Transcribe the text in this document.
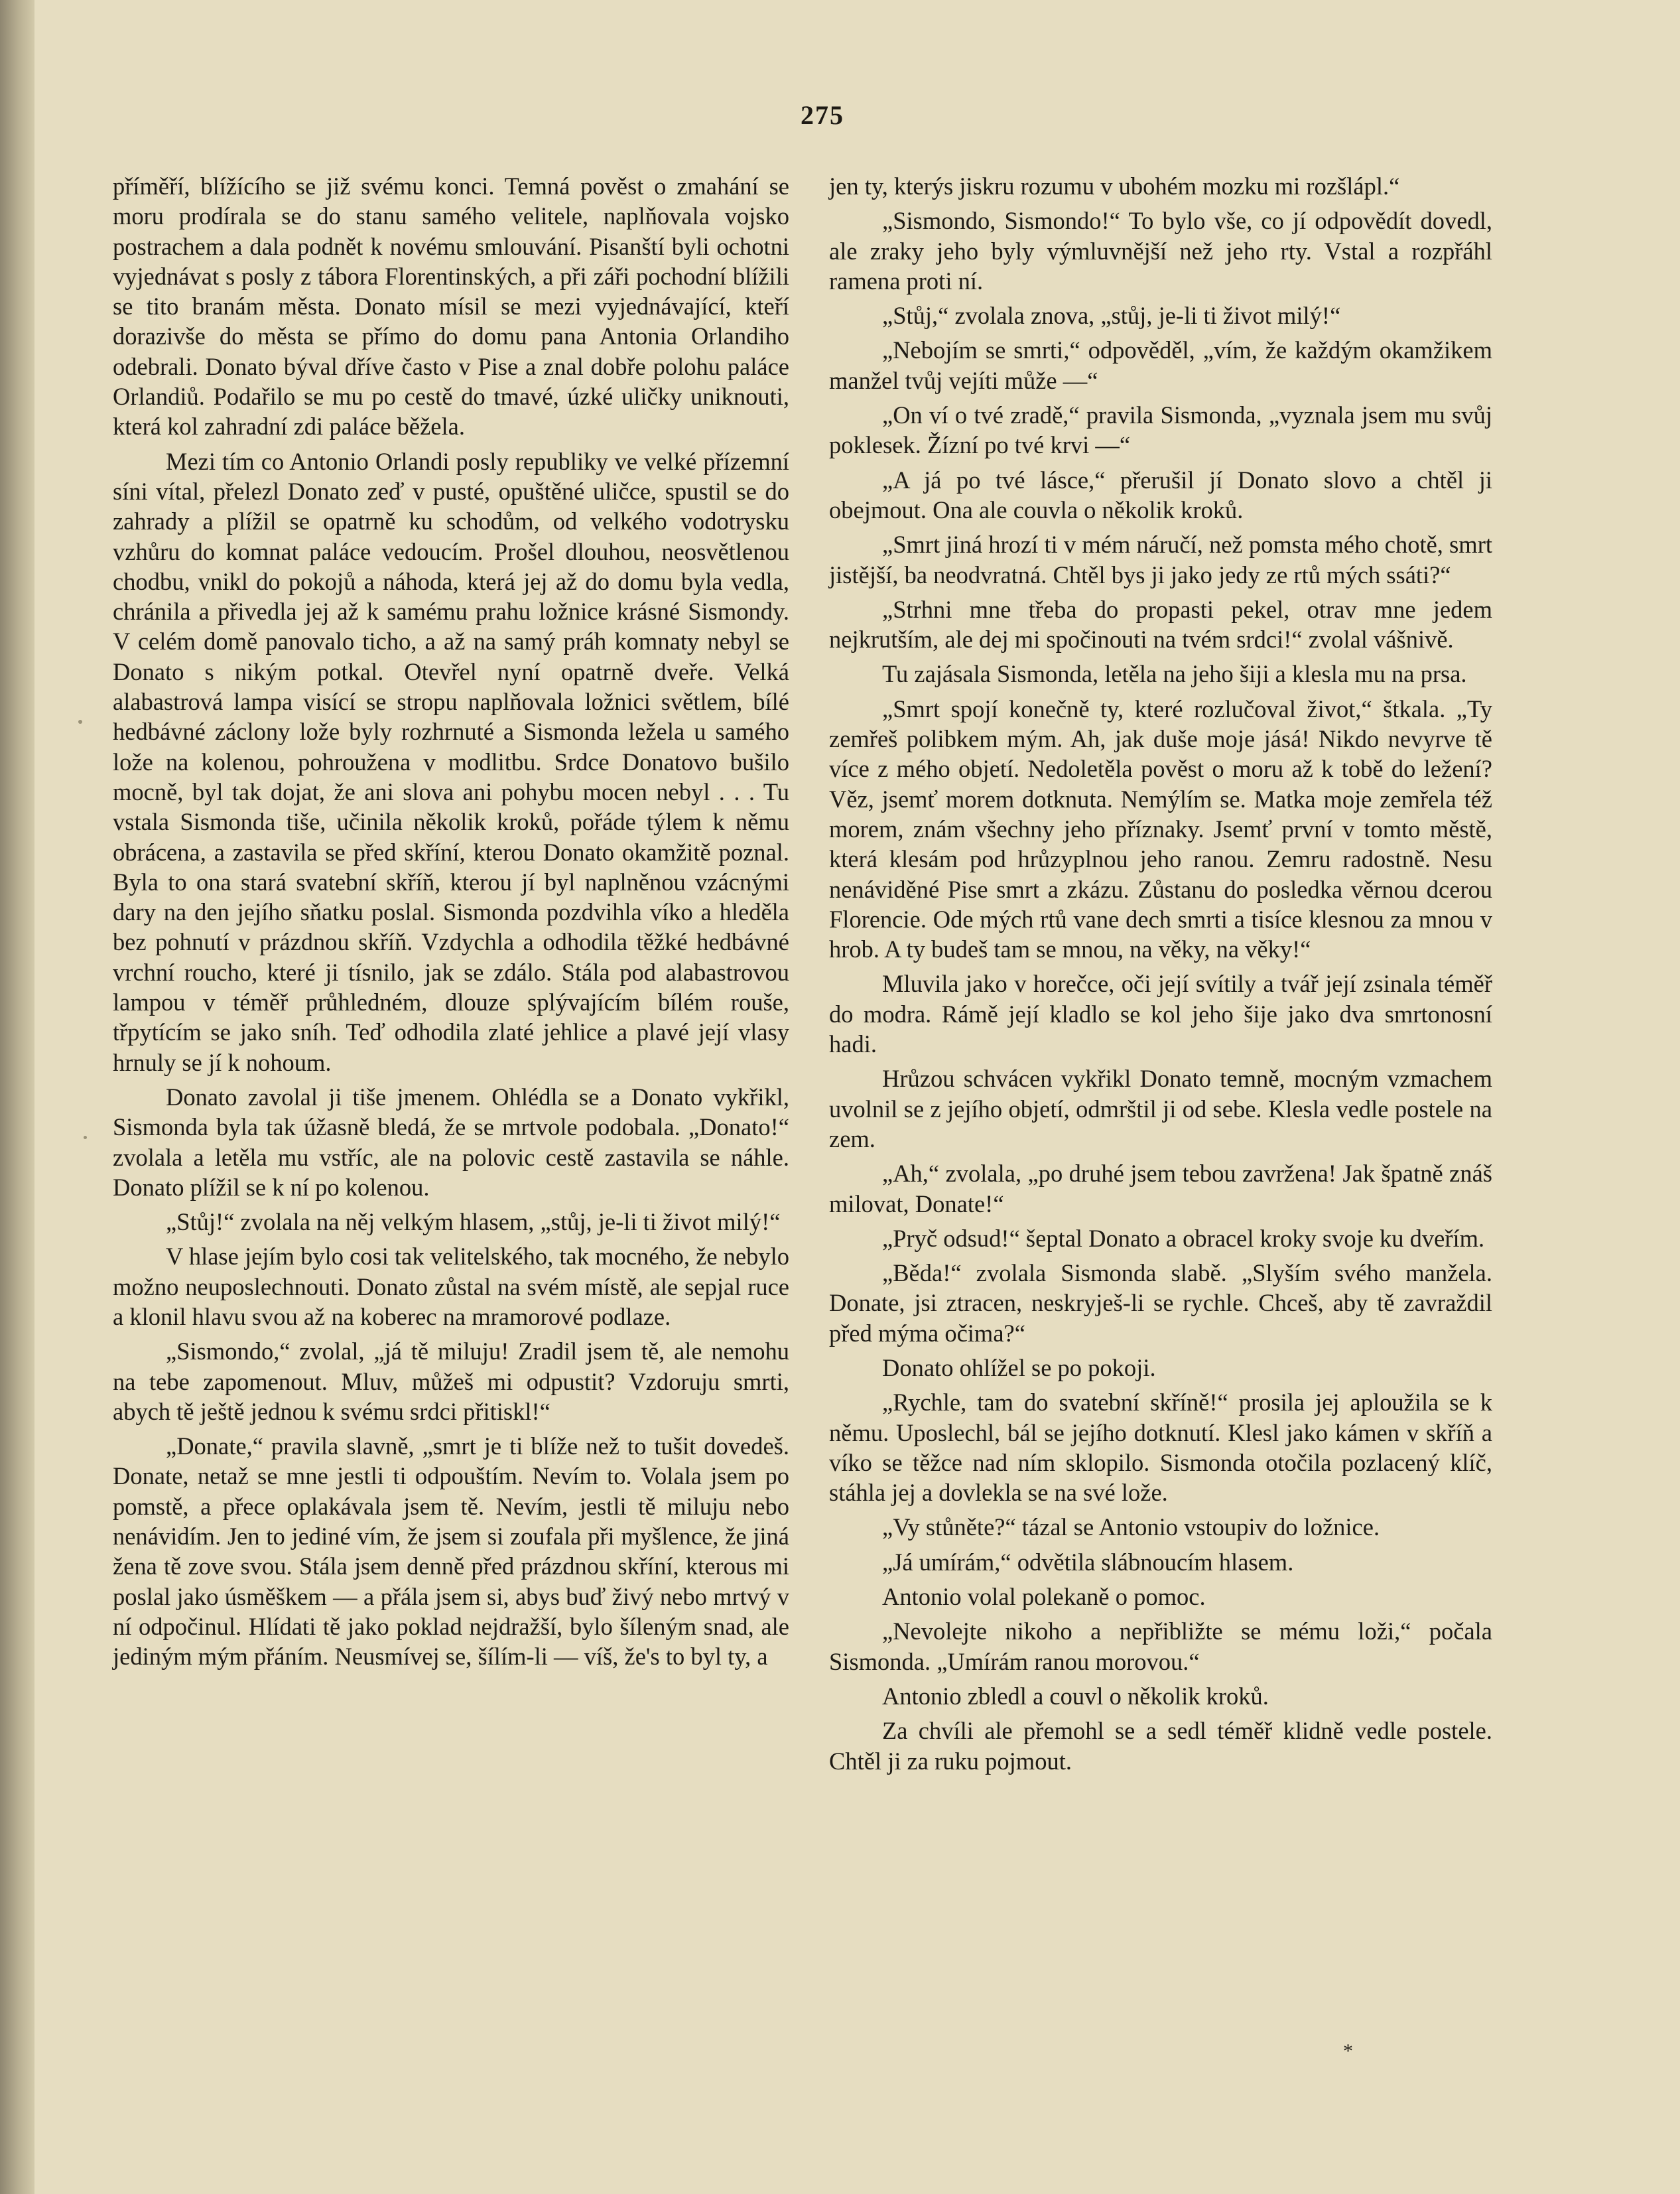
275

příměří, blížícího se již svému konci. Temná pověst o zmahání se moru prodírala se do stanu samého velitele, naplňovala vojsko postrachem a dala podnět k novému smlouvání. Pisanští byli ochotni vyjednávat s posly z tábora Florentinských, a při záři pochodní blížili se tito branám města. Donato mísil se mezi vyjednávající, kteří dorazivše do města se přímo do domu pana Antonia Orlandiho odebrali. Donato býval dříve často v Pise a znal dobře polohu paláce Orlandiů. Podařilo se mu po cestě do tmavé, úzké uličky uniknouti, která kol zahradní zdi paláce běžela.

Mezi tím co Antonio Orlandi posly republiky ve velké přízemní síni vítal, přelezl Donato zeď v pusté, opuštěné uličce, spustil se do zahrady a plížil se opatrně ku schodům, od velkého vodotrysku vzhůru do komnat paláce vedoucím. Prošel dlouhou, neosvětlenou chodbu, vnikl do pokojů a náhoda, která jej až do domu byla vedla, chránila a přivedla jej až k samému prahu ložnice krásné Sismondy. V celém domě panovalo ticho, a až na samý práh komnaty nebyl se Donato s nikým potkal. Otevřel nyní opatrně dveře. Velká alabastrová lampa visící se stropu naplňovala ložnici světlem, bílé hedbávné záclony lože byly rozhrnuté a Sismonda ležela u samého lože na kolenou, pohroužena v modlitbu. Srdce Donatovo bušilo mocně, byl tak dojat, že ani slova ani pohybu mocen nebyl . . . Tu vstala Sismonda tiše, učinila několik kroků, pořáde týlem k němu obrácena, a zastavila se před skříní, kterou Donato okamžitě poznal. Byla to ona stará svatební skříň, kterou jí byl naplněnou vzácnými dary na den jejího sňatku poslal. Sismonda pozdvihla víko a hleděla bez pohnutí v prázdnou skříň. Vzdychla a odhodila těžké hedbávné vrchní roucho, které ji tísnilo, jak se zdálo. Stála pod alabastrovou lampou v téměř průhledném, dlouze splývajícím bílém rouše, třpytícím se jako sníh. Teď odhodila zlaté jehlice a plavé její vlasy hrnuly se jí k nohoum.

Donato zavolal ji tiše jmenem. Ohlédla se a Donato vykřikl, Sismonda byla tak úžasně bledá, že se mrtvole podobala. „Donato!“ zvolala a letěla mu vstříc, ale na polovic cestě zastavila se náhle. Donato plížil se k ní po kolenou.

„Stůj!“ zvolala na něj velkým hlasem, „stůj, je-li ti život milý!“

V hlase jejím bylo cosi tak velitelského, tak mocného, že nebylo možno neuposlechnouti. Donato zůstal na svém místě, ale sepjal ruce a klonil hlavu svou až na koberec na mramorové podlaze.

„Sismondo,“ zvolal, „já tě miluju! Zradil jsem tě, ale nemohu na tebe zapomenout. Mluv, můžeš mi odpustit? Vzdoruju smrti, abych tě ještě jednou k svému srdci přitiskl!“

„Donate,“ pravila slavně, „smrt je ti blíže než to tušit dovedeš. Donate, netaž se mne jestli ti odpouštím. Nevím to. Volala jsem po pomstě, a přece oplakávala jsem tě. Nevím, jestli tě miluju nebo nenávidím. Jen to jediné vím, že jsem si zoufala při myšlence, že jiná žena tě zove svou. Stála jsem denně před prázdnou skříní, kterous mi poslal jako úsměškem — a přála jsem si, abys buď živý nebo mrtvý v ní odpočinul. Hlídati tě jako poklad nejdražší, bylo šíleným snad, ale jediným mým přáním. Neusmívej se, šílím-li — víš, že's to byl ty, a

jen ty, kterýs jiskru rozumu v ubohém mozku mi rozšlápl.“

„Sismondo, Sismondo!“ To bylo vše, co jí odpovědít dovedl, ale zraky jeho byly výmluvnější než jeho rty. Vstal a rozpřáhl ramena proti ní.

„Stůj,“ zvolala znova, „stůj, je-li ti život milý!“

„Nebojím se smrti,“ odpověděl, „vím, že každým okamžikem manžel tvůj vejíti může —“

„On ví o tvé zradě,“ pravila Sismonda, „vyznala jsem mu svůj poklesek. Žízní po tvé krvi —“

„A já po tvé lásce,“ přerušil jí Donato slovo a chtěl ji obejmout. Ona ale couvla o několik kroků.

„Smrt jiná hrozí ti v mém náručí, než pomsta mého chotě, smrt jistější, ba neodvratná. Chtěl bys ji jako jedy ze rtů mých ssáti?“

„Strhni mne třeba do propasti pekel, otrav mne jedem nejkrutším, ale dej mi spočinouti na tvém srdci!“ zvolal vášnivě.

Tu zajásala Sismonda, letěla na jeho šiji a klesla mu na prsa.

„Smrt spojí konečně ty, které rozlučoval život,“ štkala. „Ty zemřeš polibkem mým. Ah, jak duše moje jásá! Nikdo nevyrve tě více z mého objetí. Nedoletěla pověst o moru až k tobě do ležení? Věz, jsemť morem dotknuta. Nemýlím se. Matka moje zemřela též morem, znám všechny jeho příznaky. Jsemť první v tomto městě, která klesám pod hrůzyplnou jeho ranou. Zemru radostně. Nesu nenáviděné Pise smrt a zkázu. Zůstanu do posledka věrnou dcerou Florencie. Ode mých rtů vane dech smrti a tisíce klesnou za mnou v hrob. A ty budeš tam se mnou, na věky, na věky!“

Mluvila jako v horečce, oči její svítily a tvář její zsinala téměř do modra. Rámě její kladlo se kol jeho šije jako dva smrtonosní hadi.

Hrůzou schvácen vykřikl Donato temně, mocným vzmachem uvolnil se z jejího objetí, odmrštil ji od sebe. Klesla vedle postele na zem.

„Ah,“ zvolala, „po druhé jsem tebou zavržena! Jak špatně znáš milovat, Donate!“

„Pryč odsud!“ šeptal Donato a obracel kroky svoje ku dveřím.

„Běda!“ zvolala Sismonda slabě. „Slyším svého manžela. Donate, jsi ztracen, neskryješ-li se rychle. Chceš, aby tě zavraždil před mýma očima?“

Donato ohlížel se po pokoji.

„Rychle, tam do svatební skříně!“ prosila jej aploužila se k němu. Uposlechl, bál se jejího dotknutí. Klesl jako kámen v skříň a víko se těžce nad ním sklopilo. Sismonda otočila pozlacený klíč, stáhla jej a dovlekla se na své lože.

„Vy stůněte?“ tázal se Antonio vstoupiv do ložnice.

„Já umírám,“ odvětila slábnoucím hlasem.

Antonio volal polekaně o pomoc.

„Nevolejte nikoho a nepřibližte se mému loži,“ počala Sismonda. „Umírám ranou morovou.“

Antonio zbledl a couvl o několik kroků.

Za chvíli ale přemohl se a sedl téměř klidně vedle postele. Chtěl ji za ruku pojmout.

*
